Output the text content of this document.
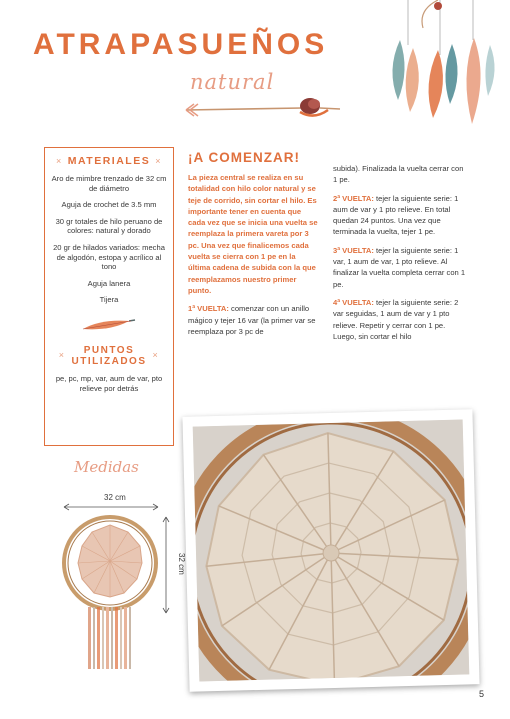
ATRAPASUEÑOS
natural
× MATERIALES ×
Aro de mimbre trenzado de 32 cm de diámetro
Aguja de crochet de 3.5 mm
30 gr totales de hilo peruano de colores: natural y dorado
20 gr de hilados variados: mecha de algodón, estopa y acrílico al tono
Aguja lanera
Tijera
×	PUNTOS
UTILIZADOS
×
pe, pc, mp, var, aum de var, pto relieve por detrás
Medidas
32 cm
32 cm
¡A COMENZAR!

La pieza central se realiza en su totalidad con hilo color natural y se teje de corrido, sin cortar el hilo. Es importante tener en cuenta que cada vez que se inicia una vuelta se reemplaza la primera vareta por 3 pc. Una vez que finalicemos cada vuelta se cierra con 1 pe en la última cadena de subida con la que reemplazamos nuestro primer punto.

1ª VUELTA: comenzar con un anillo mágico y tejer 16 var (la primer var se reemplaza por 3 pc de

subida). Finalizada la vuelta cerrar con 1 pe.

2ª VUELTA: tejer la siguiente serie: 1 aum de var y 1 pto relieve. En total quedan 24 puntos. Una vez que terminada la vuelta, tejer 1 pe.

3ª VUELTA: tejer la siguiente serie: 1 var, 1 aum de var, 1 pto relieve. Al finalizar la vuelta completa cerrar con 1 pe.

4ª VUELTA: tejer la siguiente serie: 2 var seguidas, 1 aum de var y 1 pto relieve. Repetir y cerrar con 1 pe. Luego, sin cortar el hilo

5
